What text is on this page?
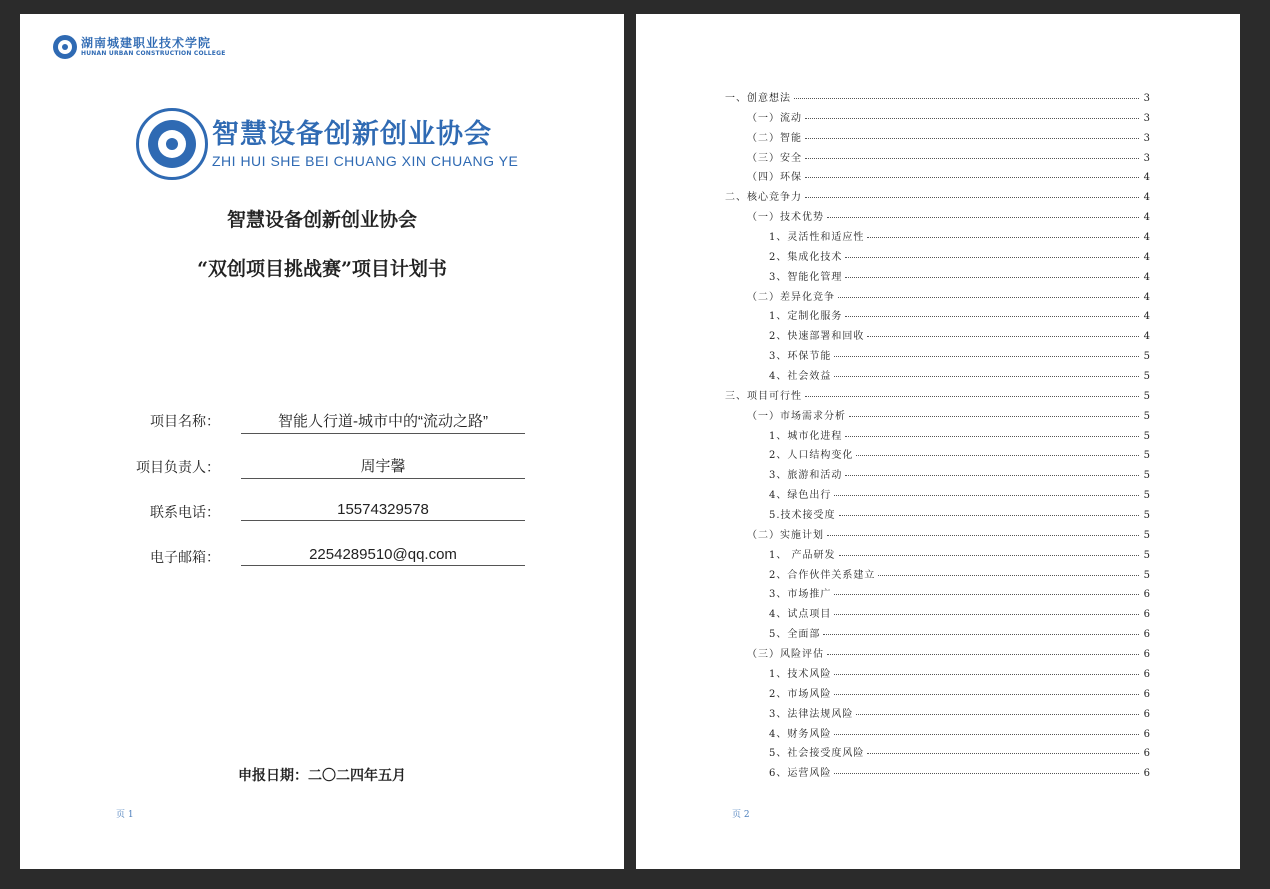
湖南城建职业技术学院
HUNAN URBAN CONSTRUCTION COLLEGE
智慧设备创新创业协会
ZHI HUI SHE BEI CHUANG XIN CHUANG YE
智慧设备创新创业协会
“双创项目挑战赛”项目计划书
项目名称：	智能人行道-城市中的“流动之路”
项目负责人：	周宇馨
联系电话：	15574329578
电子邮箱：	2254289510@qq.com
申报日期：二〇二四年五月
页 1
一、创意想法	3
（一）流动	3
（二）智能	3
（三）安全	3
（四）环保	4
二、核心竞争力	4
（一）技术优势	4
1、灵活性和适应性	4
2、集成化技术	4
3、智能化管理	4
（二）差异化竞争	4
1、定制化服务	4
2、快速部署和回收	4
3、环保节能	5
4、社会效益	5
三、项目可行性	5
（一）市场需求分析	5
1、城市化进程	5
2、人口结构变化	5
3、旅游和活动	5
4、绿色出行	5
5.技术接受度	5
（二）实施计划	5
1、 产品研发	5
2、合作伙伴关系建立	5
3、市场推广	6
4、试点项目	6
5、全面部	6
（三）风险评估	6
1、技术风险	6
2、市场风险	6
3、法律法规风险	6
4、财务风险	6
5、社会接受度风险	6
6、运营风险	6
页 2
